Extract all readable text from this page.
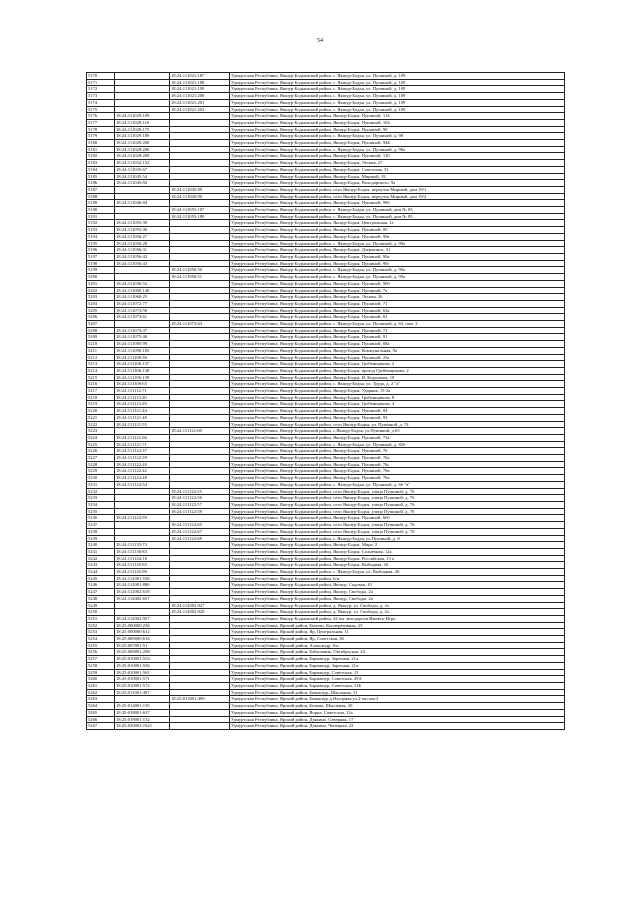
54
5170		18:24:111021:187	Удмуртская Республика, Якшур-Бодьинский район, с. Якшур-Бодья, ул. Пушиной, д. 109
5171		18:24:111021:188	Удмуртская Республика, Якшур-Бодьинский район, с. Якшур-Бодья, ул. Пушиной, д. 109
5172		18:24:111021:199	Удмуртская Республика, Якшур-Бодьинский район, с. Якшур-Бодья, ул. Пушиной, д. 109
5173		18:24:111021:200	Удмуртская Республика, Якшур-Бодьинский район, с. Якшур-Бодья, ул. Пушиной, д. 109
5174		18:24:111021:201	Удмуртская Республика, Якшур-Бодьинский район, с. Якшур-Бодья, ул. Пушиной, д. 109
5175		18:24:111021:202	Удмуртская Республика, Якшур-Бодьинский район, с. Якшур-Бодья, ул. Пушиной, д. 109
5176	18:24:111029:109		Удмуртская Республика, Якшур-Бодьинский район, Якшур-Бодья, Пушиной, 114
5177	18:24:111029:116		Удмуртская Республика, Якшур-Бодьинский район, Якшур-Бодья, Пушиной, 104
5178	18:24:111029:175		Удмуртская Республика, Якшур-Бодьинский район, Якшур-Бодья, Пушиной, 90
5179	18:24:111029:189		Удмуртская Республика, Якшур-Бодьинский район, с. Якшур-Бодья, ул. Пушиной, д. 98
5180	18:24:111029:200		Удмуртская Республика, Якшур-Бодьинский район, Якшур-Бодья, Пушиной, 94Б
5181	18:24:111029:206		Удмуртская Республика, Якшур-Бодьинский район, с. Якшур-Бодья, ул. Пушиной, д. 98а
5182	18:24:111029:209		Удмуртская Республика, Якшур-Бодьинский район, Якшур-Бодья, Пушиной, 110
5183	18:24:111032:152		Удмуртская Республика, Якшур-Бодьинский район, Якшур-Бодья, Лесная, 27
5184	18:24:111035:67		Удмуртская Республика, Якшур-Бодьинский район, Якшур-Бодья, Советская, 31
5185	18:24:111045:54		Удмуртская Республика, Якшур-Бодьинский район, Якшур-Бодья, Мирный, 19
5186	18:24:111045:84		Удмуртская Республика, Якшур-Бодьинский район, Якшур-Бодья, Володарского, 9а
5187		18:24:111045:89	Удмуртская Республика, Якшур-Бодьинский район, село Якшур-Бодья, переулок Мирный, дом 19/1
5188		18:24:111045:90	Удмуртская Республика, Якшур-Бодьинский район, село Якшур-Бодья, переулок Мирный, дом 19/2
5189	18:24:111046:84		Удмуртская Республика, Якшур-Бодьинский район, Якшур-Бодья, Пушиной, 99б
5190		18:24:111055:187	Удмуртская Республика, Якшур-Бодьинский район, с. Якшур-Бодья, ул. Пушиной, дом № 83
5191		18:24:111055:189	Удмуртская Республика, Якшур-Бодьинский район, с. Якшур-Бодья, ул. Пушиной, дом № 85
5192	18:24:111055:39		Удмуртская Республика, Якшур-Бодьинский район, Якшур-Бодья, Центральная, 1а
5193	18:24:111055:40		Удмуртская Республика, Якшур-Бодьинский район, Якшур-Бодья, Пушиной, 85
5194	18:24:111056:27		Удмуртская Республика, Якшур-Бодьинский район, Якшур-Бодья, Пушиной, 90а
5195	18:24:111056:28		Удмуртская Республика, Якшур-Бодьинский район, с. Якшур-Бодья, ул. Пушиной, д. 90а
5196	18:24:111056:31		Удмуртская Республика, Якшур-Бодьинский район, Якшур-Бодья, Дзержинск, 31
5197	18:24:111056:42		Удмуртская Республика, Якшур-Бодьинский район, Якшур-Бодья, Пушиной, 90а
5198	18:24:111056:43		Удмуртская Республика, Якшур-Бодьинский район, Якшур-Бодья, Пушиной, 90г
5199		18:24:111056:50	Удмуртская Республика, Якшур-Бодьинский район, с. Якшур-Бодья, ул. Пушиной, д. 90а
5200		18:24:111056:51	Удмуртская Республика, Якшур-Бодьинский район, с. Якшур-Бодья, ул. Пушиной, д. 90а
5201	18:24:111056:52		Удмуртская Республика, Якшур-Бодьинский район, Якшур-Бодья, Пушиной, 90б
5202	18:24:111060:140		Удмуртская Республика, Якшур-Бодьинский район, Якшур-Бодья, Пушиной, 7а
5203	18:24:111060:25		Удмуртская Республика, Якшур-Бодьинский район, Якшур-Бодья, Лесная, 26
5204	18:24:111072:77		Удмуртская Республика, Якшур-Бодьинский район, Якшур-Бодья, Пушиной, 71
5205	18:24:111073:58		Удмуртская Республика, Якшур-Бодьинский район, Якшур-Бодья, Пушиной, 63а
5206	18:24:111073:61		Удмуртская Республика, Якшур-Бодьинский район, Якшур-Бодья, Пушиной, 63
5207		18:24:111073:63	Удмуртская Республика, Якшур-Бодьинский район, с. Якшур-Бодья, ул. Пушиной, д. 63, пом. 2
5208	18:24:111074:37		Удмуртская Республика, Якшур-Бодьинский район, Якшур-Бодья, Пушиной, 72
5209	18:24:111075:46		Удмуртская Республика, Якшур-Бодьинский район, Якшур-Бодья, Пушиной, 91
5210	18:24:111085:99		Удмуртская Республика, Якшур-Бодьинский район, Якшур-Бодья, Пушиной, 68а
5211	18:24:111090:105		Удмуртская Республика, Якшур-Бодьинский район, Якшур-Бодья, Коммунальная, 9а
5212	18:24:111100:36		Удмуртская Республика, Якшур-Бодьинский район, Якшур-Бодья, Пушиной, 25а
5213	18:24:111106:137		Удмуртская Республика, Якшур-Бодьинский район, Якшур-Бодья, Гребенщикова, 2
5214	18:24:111106:138		Удмуртская Республика, Якшур-Бодьинский район, Якшур-Бодья, проезд Гребенщикова, 2
5215	18:24:111106:139		Удмуртская Республика, Якшур-Бодьинский район, Якшур-Бодья, И. Короткова, 10
5216	18:24:111109:65		Удмуртская Республика, Якшур-Бодьинский район, с. Якшур-Бодья, ул. Труда, д. 2 "а"
5217	18:24:111112:71		Удмуртская Республика, Якшур-Бодьинский район, Якшур-Бодья, Ударная, 15-2а
5218	18:24:111113:20		Удмуртская Республика, Якшур-Бодьинский район, Якшур-Бодья, Гребенщикова, 8
5219	18:24:111113:29		Удмуртская Республика, Якшур-Бодьинский район, Якшур-Бодья, Гребенщикова, 4
5220	18:24:111121:44		Удмуртская Республика, Якшур-Бодьинский район, Якшур-Бодья, Пушиной, 84
5221	18:24:111121:48		Удмуртская Республика, Якшур-Бодьинский район, Якшур-Бодья, Пушиной, 93
5222	18:24:111121:55		Удмуртская Республика, Якшур-Бодьинский район, село Якшур-Бодья, ул. Пушиной, д. 74
5223		18:24:111121:60	Удмуртская Республика, Якшур-Бодьинский район, с.Якшур-Бодья, ул.Пушиной, д.65
5224	18:24:111121:66		Удмуртская Республика, Якшур-Бодьинский район, Якшур-Бодья, Пушиной, 72а
5225	18:24:111121:71		Удмуртская Республика, Якшур-Бодьинский район, с. Якшур-Бодья, ул. Пушиной, д. 82б
5226	18:24:111122:37		Удмуртская Республика, Якшур-Бодьинский район, Якшур-Бодья, Пушиной, 76
5227	18:24:111122:39		Удмуртская Республика, Якшур-Бодьинский район, Якшур-Бодья, Пушиной, 76а
5228	18:24:111122:40		Удмуртская Республика, Якшур-Бодьинский район, Якшур-Бодья, Пушиной, 76г
5229	18:24:111122:42		Удмуртская Республика, Якшур-Бодьинский район, Якшур-Бодья, Пушиной, 76в
5230	18:24:111122:48		Удмуртская Республика, Якшур-Бодьинский район, Якшур-Бодья, Пушиной, 76а
5231	18:24:111122:54		Удмуртская Республика, Якшур-Бодьинский район, с. Якшур-Бодья, ул. Пушиной, д. 66 "в"
5232		18:24:111122:55	Удмуртская Республика, Якшур-Бодьинский район, село Якшур-Бодья, улица Пушиной, д. 76
5233		18:24:111122:56	Удмуртская Республика, Якшур-Бодьинский район, село Якшур-Бодья, улица Пушиной, д. 76
5234		18:24:111122:57	Удмуртская Республика, Якшур-Бодьинский район, село Якшур-Бодья, улица Пушиной, д. 76
5235		18:24:111122:58	Удмуртская Республика, Якшур-Бодьинский район, село Якшур-Бодья, улица Пушиной, д. 76
5236	18:24:111122:59		Удмуртская Республика, Якшур-Бодьинский район, Якшур-Бодья, Пушиной, 66б
5237		18:24:111122:65	Удмуртская Республика, Якшур-Бодьинский район, село Якшур-Бодья, улица Пушиной, д. 76
5238		18:24:111122:67	Удмуртская Республика, Якшур-Бодьинский район, село Якшур-Бодья, улица Пушиной, д. 76
5239		18:24:111122:68	Удмуртская Республика, Якшур-Бодьинский район, с. Якшур-Бодья, ул.Пушиной, д. 8
5240	18:24:111133:73		Удмуртская Республика, Якшур-Бодьинский район, Якшур-Бодья, Мира, 2
5241	18:24:111136:83		Удмуртская Республика, Якшур-Бодьинский район, Якшур-Бодья, Солнечная, 12а
5242	18:24:111144:18		Удмуртская Республика, Якшур-Бодьинский район, Якшур-Бодья, Российская, 13 а
5243	18:24:111145:85		Удмуртская Республика, Якшур-Бодьинский район, Якшур-Бодья, Выборная, 26
5244	18:24:111145:90		Удмуртская Республика, Якшур-Бодьинский район, с. Якшур-Бодья, ул. Выборная, 26
5245	18:24:112001:558		Удмуртская Республика, Якшур-Бодьинский район, 6/н
5246	18:24:112001:886		Удмуртская Республика, Якшур-Бодьинский район, Якшур, Садовая, 10
5247	18:24:112002:618		Удмуртская Республика, Якшур-Бодьинский район, Якшур, Свободы, 2а
5248	18:24:112002:657		Удмуртская Республика, Якшур-Бодьинский район, Якшур, Свободы, 2а
5249		18:24:112002:927	Удмуртская Республика, Якшур-Бодьинский район, д. Якшур, ул. Свободы, д. 2а
5250		18:24:112002:928	Удмуртская Республика, Якшур-Бодьинский район, д. Якшур, ул. Свободы, д. 2а
5251	18:24:112002:957		Удмуртская Республика, Якшур-Бодьинский район, 44 км. автодороги Ижевск-Игра
5252	18:25:000000:236		Удмуртская Республика, Ярский район, Бычево, Кооперативная, 25
5253	18:25:000000:612		Удмуртская Республика, Ярский район, Яр, Центральная, 11
5254	18:25:000000:616		Удмуртская Республика, Ярский район, Яр, Советская, 36
5255	18:25:007001:51		Удмуртская Республика, Ярский район, Александр, 6/н
5256	18:25:009001:298		Удмуртская Республика, Ярский район, Бабыльник, Октябрьская, 24
5257	18:25:010001:554		Удмуртская Республика, Ярский район, Бармашур, Заречная, 21а
5258	18:25:010001:556		Удмуртская Республика, Ярский район, Бармашур, Заречная, 21в
5259	18:25:010001:561		Удмуртская Республика, Ярский район, Бармашур, Советская, 13
5260	18:25:010001:571		Удмуртская Республика, Ярский район, Бармашур, Советская, 29А
5261	18:25:010001:572		Удмуртская Республика, Ярский район, Бармашур, Советская, 13Б
5262	18:25:011001:497		Удмуртская Республика, Ярский район, Бачкашур, Школьная, 31
5263		18:25:013001:489	Удмуртская Республика, Ярский район, Бачкашур д.Нагорная ул.2-ая пом.2
5264	18:25:014001:135		Удмуртская Республика, Ярский район, Бозино, Школьная, 20
5265	18:29:018001:637		Удмуртская Республика, Ярский район, Ворна, Советская, 12а
5266	18:25:019001:152		Удмуртская Республика, Ярский район, Дзякино, Северная, 17
5267	18:25:020002:1621		Удмуртская Республика, Ярский район, Дзякино, Чепецкая, 22
